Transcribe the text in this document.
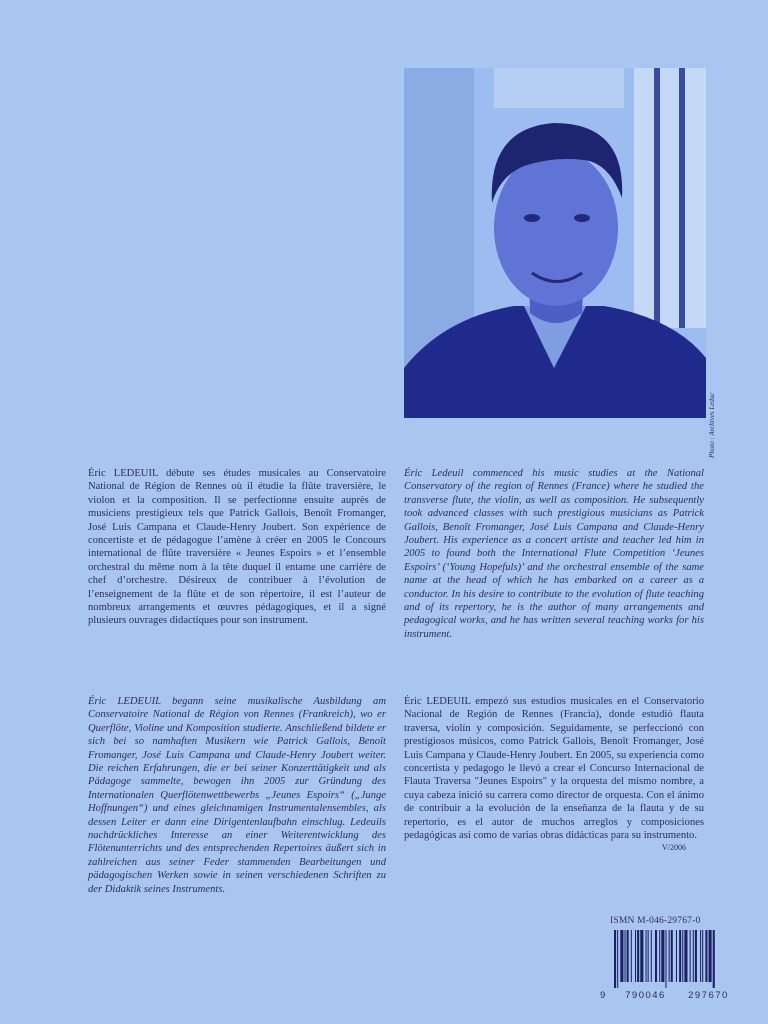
Photo : Archives Leduc

Éric LEDEUIL débute ses études musicales au Conservatoire National de Région de Rennes où il étudie la flûte traversière, le violon et la composition. Il se perfectionne ensuite auprès de musiciens prestigieux tels que Patrick Gallois, Benoît Fromanger, José Luis Campana et Claude-Henry Joubert. Son expérience de concertiste et de pédagogue l’amène à créer en 2005 le Concours international de flûte traversière « Jeunes Espoirs » et l’ensemble orchestral du même nom à la tête duquel il entame une carrière de chef d’orchestre. Désireux de contribuer à l’évolution de l’enseignement de la flûte et de son répertoire, il est l’auteur de nombreux arrangements et œuvres pédagogiques, et il a signé plusieurs ouvrages didactiques pour son instrument.

Éric Ledeuil commenced his music studies at the National Conservatory of the region of Rennes (France) where he studied the transverse flute, the violin, as well as composition. He subsequently took advanced classes with such prestigious musicians as Patrick Gallois, Benoît Fromanger, José Luis Campana and Claude-Henry Joubert. His experience as a concert artiste and teacher led him in 2005 to found both the International Flute Competition ‘Jeunes Espoirs’ (‘Young Hopefuls)’ and the orchestral ensemble of the same name at the head of which he has embarked on a career as a conductor. In his desire to contribute to the evolution of flute teaching and of its repertory, he is the author of many arrangements and pedagogical works, and he has written several teaching works for his instrument.

Éric LEDEUIL begann seine musikalische Ausbildung am Conservatoire National de Région von Rennes (Frankreich), wo er Querflöte, Violine und Komposition studierte. Anschließend bildete er sich bei so namhaften Musikern wie Patrick Gallois, Benoît Fromanger, José Luis Campana und Claude-Henry Joubert weiter. Die reichen Erfahrungen, die er bei seiner Konzerttätigkeit und als Pädagoge sammelte, bewogen ihn 2005 zur Gründung des Internationalen Querflötenwettbewerbs „Jeunes Espoirs“ („Junge Hoffnungen“) und eines gleichnamigen Instrumentalensembles, als dessen Leiter er dann eine Dirigentenlaufbahn einschlug. Ledeuils nachdrückliches Interesse an einer Weiterentwicklung des Flötenunterrichts und des entsprechenden Repertoires äußert sich in zahlreichen aus seiner Feder stammenden Bearbeitungen und pädagogischen Werken sowie in seinen verschiedenen Schriften zu der Didaktik seines Instruments.

Éric LEDEUIL empezó sus estudios musicales en el Conservatorio Nacional de Región de Rennes (Francia), donde estudió flauta traversa, violín y composición. Seguidamente, se perfeccionó con prestigiosos músicos, como Patrick Gallois, Benoît Fromanger, José Luis Campana y Claude-Henry Joubert. En 2005, su experiencia como concertista y pedagogo le llevó a crear el Concurso Internacional de Flauta Traversa "Jeunes Espoirs" y la orquesta del mismo nombre, a cuya cabeza inició su carrera como director de orquesta. Con el ánimo de contribuir a la evolución de la enseñanza de la flauta y de su repertorio, es el autor de muchos arreglos y composiciones pedagógicas así como de varias obras didácticas para su instrumento.

V/2006
ISMN M-046-29767-0
9	790046	297670
